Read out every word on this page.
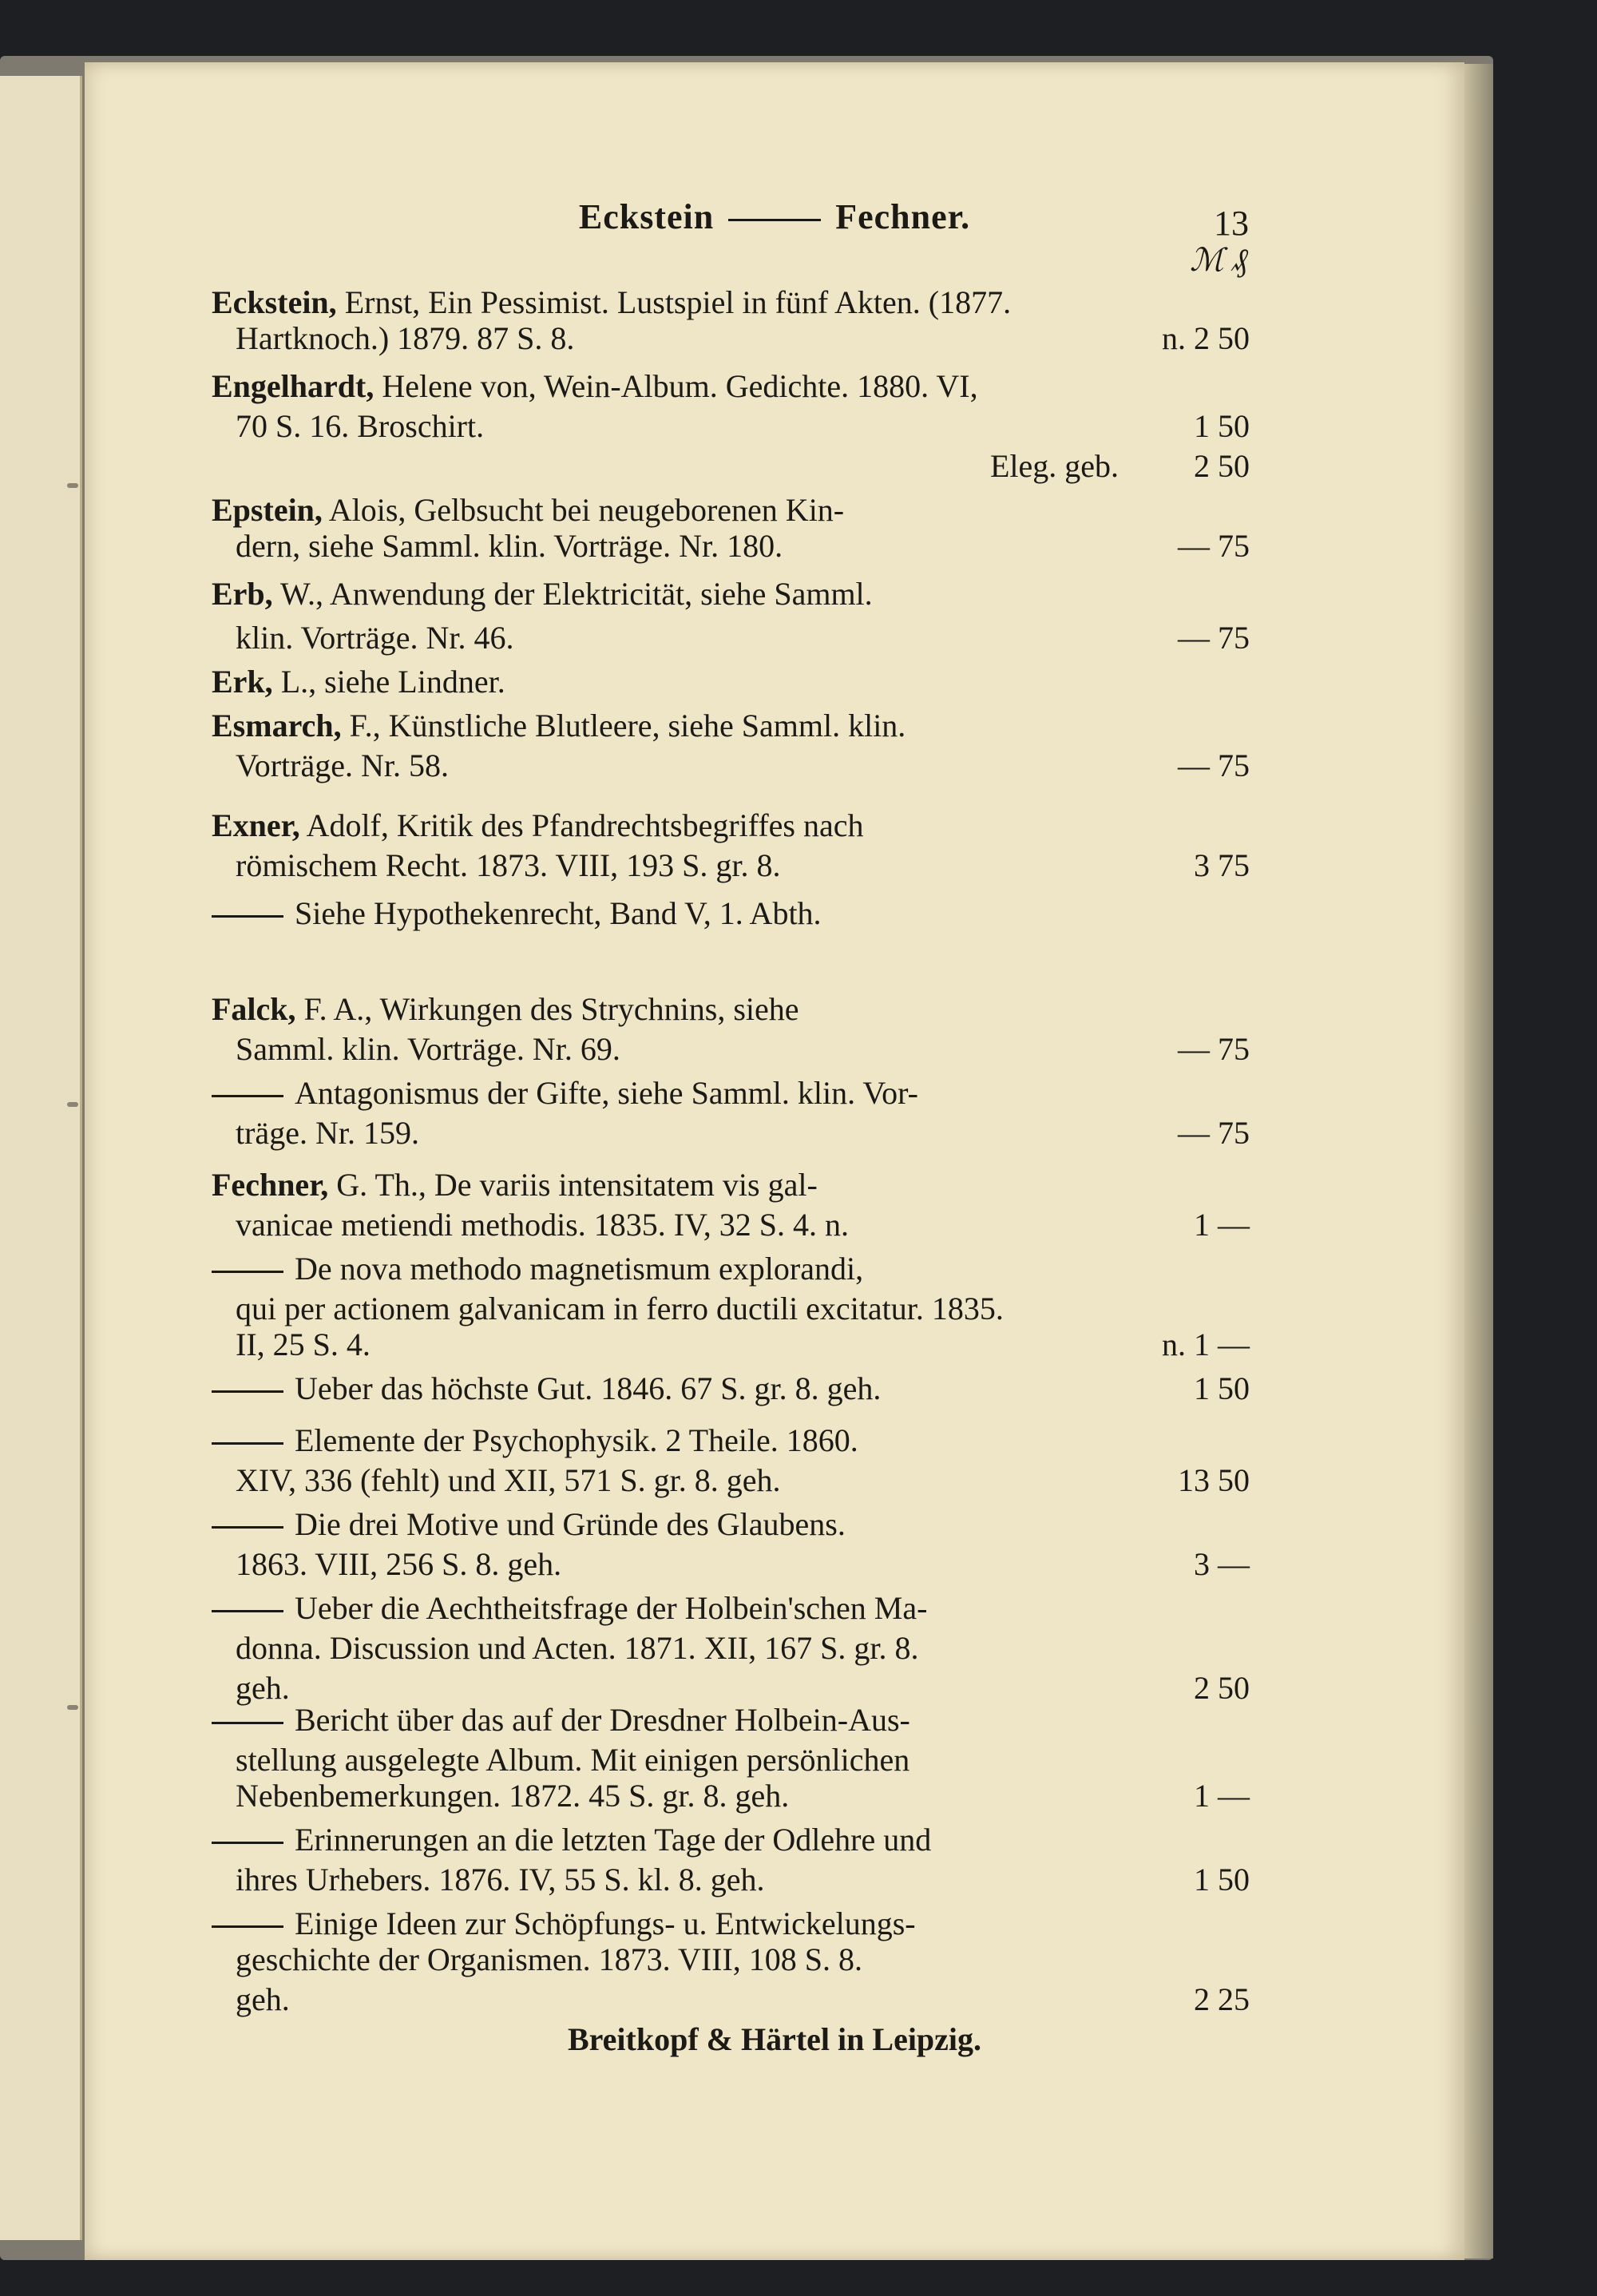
Eckstein	Fechner.	13
ℳ ₰
Eckstein, Ernst, Ein Pessimist. Lustspiel in fünf Akten. (1877.
Hartknoch.) 1879. 87 S. 8.	n. 2 50
Engelhardt, Helene von, Wein-Album. Gedichte. 1880. VI,
70 S. 16. Broschirt.	1 50
Eleg. geb. 2 50
Epstein, Alois, Gelbsucht bei neugeborenen Kin-
dern, siehe Samml. klin. Vorträge. Nr. 180.	— 75
Erb, W., Anwendung der Elektricität, siehe Samml.
klin. Vorträge. Nr. 46.	— 75
Erk, L., siehe Lindner.
Esmarch, F., Künstliche Blutleere, siehe Samml. klin.
Vorträge. Nr. 58.	— 75
Exner, Adolf, Kritik des Pfandrechtsbegriffes nach
römischem Recht. 1873. VIII, 193 S. gr. 8.	3 75
Siehe Hypothekenrecht, Band V, 1. Abth.
Falck, F. A., Wirkungen des Strychnins, siehe
Samml. klin. Vorträge. Nr. 69.	— 75
Antagonismus der Gifte, siehe Samml. klin. Vor-
träge. Nr. 159.	— 75
Fechner, G. Th., De variis intensitatem vis gal-
vanicae metiendi methodis. 1835. IV, 32 S. 4. n.	1 —
De nova methodo magnetismum explorandi,
qui per actionem galvanicam in ferro ductili excitatur. 1835.
II, 25 S. 4.	n. 1 —
Ueber das höchste Gut. 1846. 67 S. gr. 8. geh.	1 50
Elemente der Psychophysik. 2 Theile. 1860.
XIV, 336 (fehlt) und XII, 571 S. gr. 8. geh.	13 50
Die drei Motive und Gründe des Glaubens.
1863. VIII, 256 S. 8. geh.	3 —
Ueber die Aechtheitsfrage der Holbein'schen Ma-
donna. Discussion und Acten. 1871. XII, 167 S. gr. 8.
geh.	2 50
Bericht über das auf der Dresdner Holbein-Aus-
stellung ausgelegte Album. Mit einigen persönlichen
Nebenbemerkungen. 1872. 45 S. gr. 8. geh.	1 —
Erinnerungen an die letzten Tage der Odlehre und
ihres Urhebers. 1876. IV, 55 S. kl. 8. geh.	1 50
Einige Ideen zur Schöpfungs- u. Entwickelungs-
geschichte der Organismen. 1873. VIII, 108 S. 8.
geh.	2 25
Breitkopf & Härtel in Leipzig.
